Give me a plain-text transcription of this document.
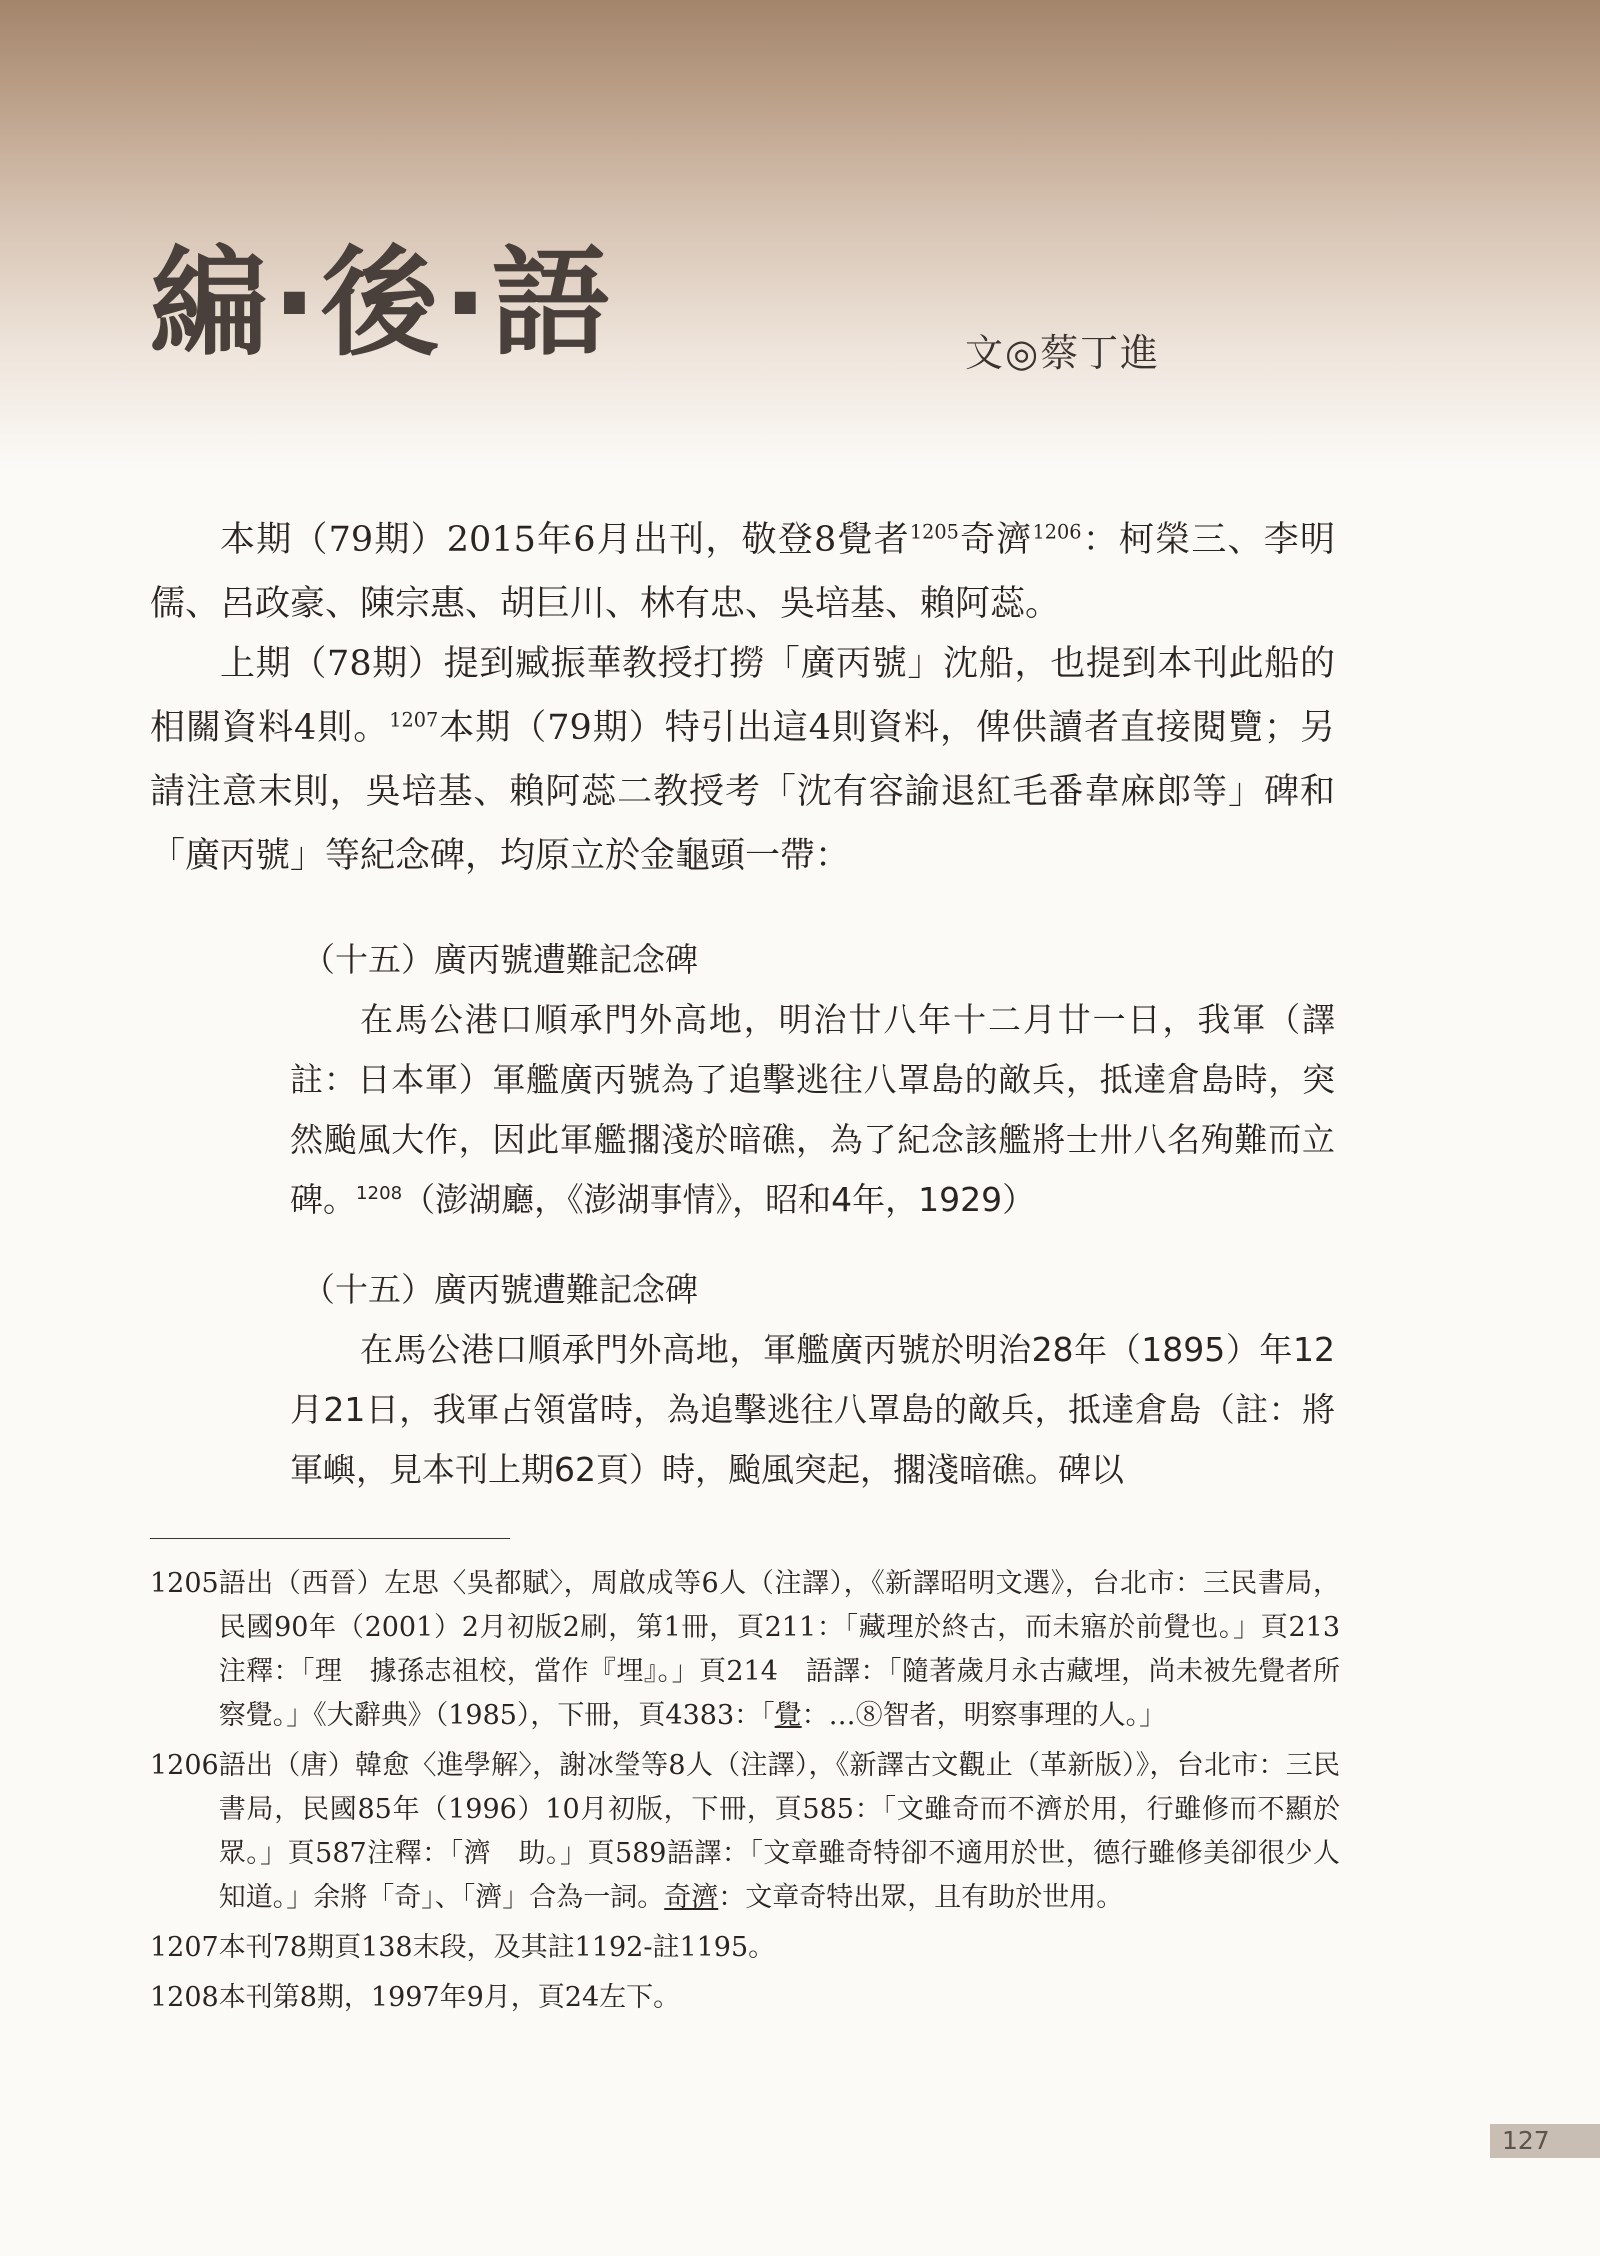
編·後·語	文◎蔡丁進

本期（79期）2015年6月出刊，敬登8覺者$^{1205}$奇濟$^{1206}$：柯榮三、李明儒、呂政豪、陳宗惠、胡巨川、林有忠、吳培基、賴阿蕊。

上期（78期）提到臧振華教授打撈「廣丙號」沈船，也提到本刊此船的相關資料4則。$^{1207}$本期（79期）特引出這4則資料，俾供讀者直接閱覽；另請注意末則，吳培基、賴阿蕊二教授考「沈有容諭退紅毛番韋麻郎等」碑和「廣丙號」等紀念碑，均原立於金龜頭一帶：

（十五）廣丙號遭難記念碑
在馬公港口順承門外高地，明治廿八年十二月廿一日，我軍（譯註：日本軍）軍艦廣丙號為了追擊逃往八罩島的敵兵，抵達倉島時，突然颱風大作，因此軍艦擱淺於暗礁，為了紀念該艦將士卅八名殉難而立碑。$^{1208}$（澎湖廳，《澎湖事情》，昭和4年，1929）
（十五）廣丙號遭難記念碑
在馬公港口順承門外高地，軍艦廣丙號於明治28年（1895）年12月21日，我軍占領當時，為追擊逃往八罩島的敵兵，抵達倉島（註：將軍嶼，見本刊上期62頁）時，颱風突起，擱淺暗礁。碑以
1205 語出（西晉）左思〈吳都賦〉，周啟成等6人（注譯），《新譯昭明文選》，台北市：三民書局，民國90年（2001）2月初版2刷，第1冊，頁211：「藏理於終古，而未寤於前覺也。」頁213注釋：「理　據孫志祖校，當作『埋』。」頁214　語譯：「隨著歲月永古藏埋，尚未被先覺者所察覺。」《大辭典》（1985），下冊，頁4383：「覺：…⑧智者，明察事理的人。」
1206 語出（唐）韓愈〈進學解〉，謝冰瑩等8人（注譯），《新譯古文觀止（革新版）》，台北市：三民書局，民國85年（1996）10月初版，下冊，頁585：「文雖奇而不濟於用，行雖修而不顯於眾。」頁587注釋：「濟　助。」頁589語譯：「文章雖奇特卻不適用於世，德行雖修美卻很少人知道。」余將「奇」、「濟」合為一詞。奇濟：文章奇特出眾，且有助於世用。
1207 本刊78期頁138末段，及其註1192-註1195。
1208 本刊第8期，1997年9月，頁24左下。
127
